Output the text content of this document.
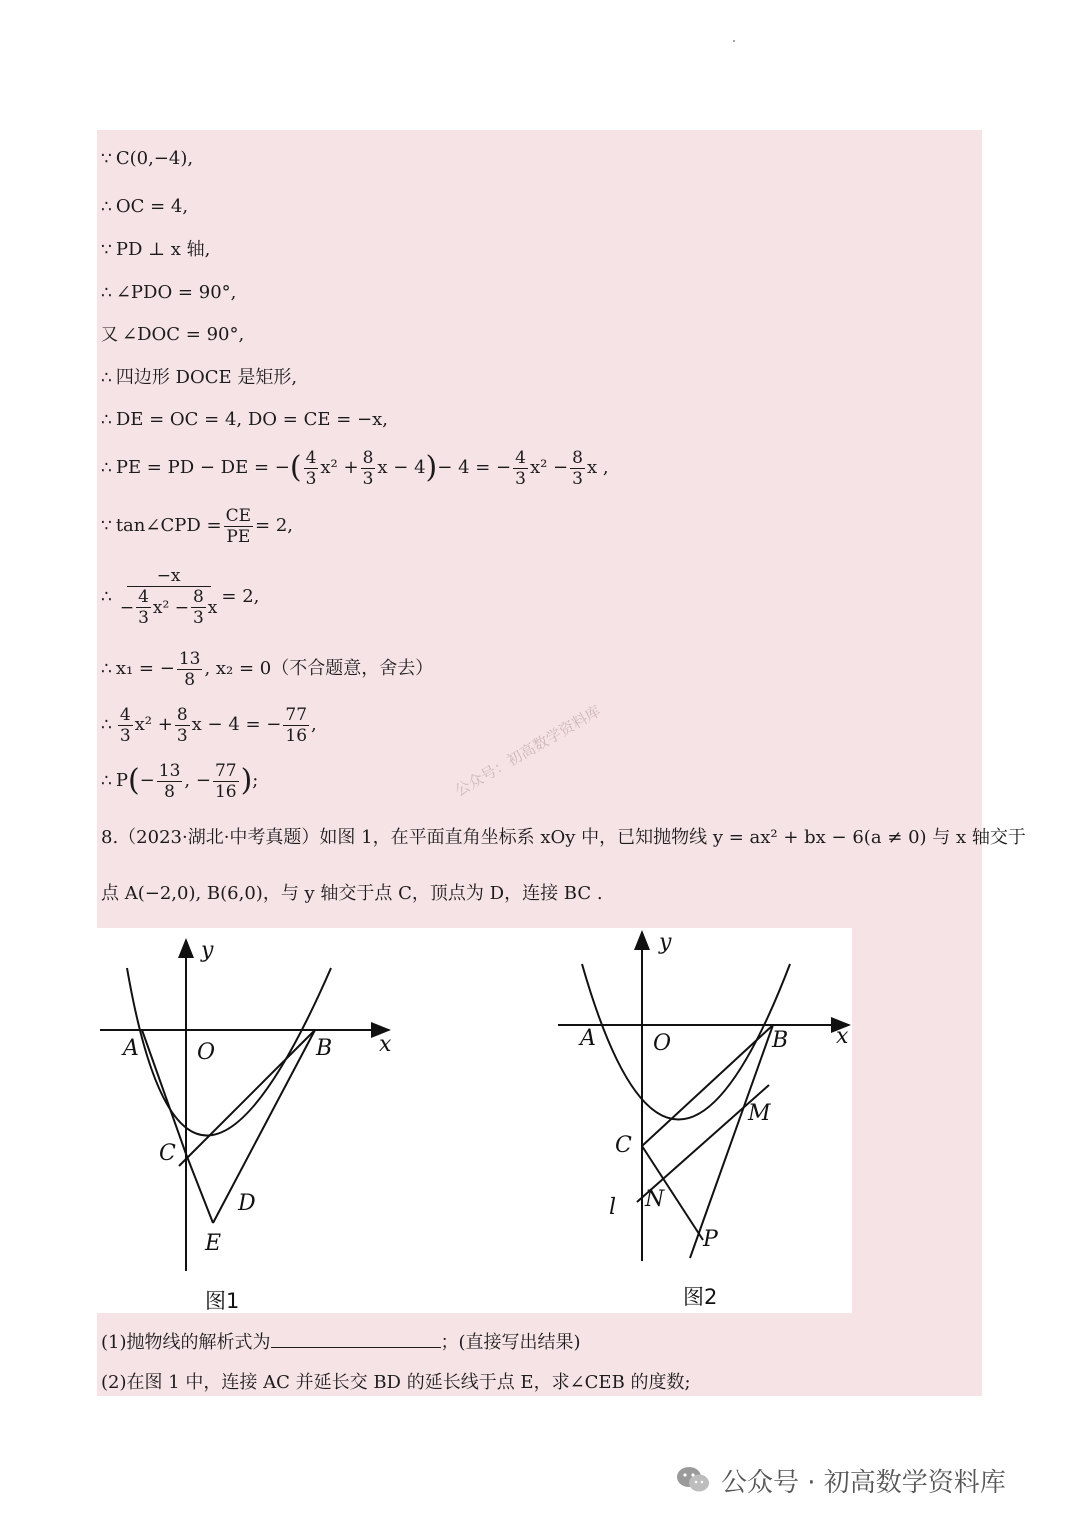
∵ C(0,−4),
∴ OC = 4,
∵ PD ⊥ x 轴,
∴ ∠PDO = 90°,
又 ∠DOC = 90°,
∴ 四边形 DOCE 是矩形,
∴ DE = OC = 4, DO = CE = −x,
∴ PE = PD − DE = − ( $\frac{4}{3} x^2 + \frac{8}{3}$ x − 4 ) − 4 = − $\frac{4}{3} x^2 - \frac{8}{3}$ x ,
∵ tan∠CPD = $\frac{CE}{PE} = 2$,
∴ $\frac{-x}{- \frac{4}{3} x^2 - \frac{8}{3} x} = 2$,
∴ x₁ = − $\frac{13}{8}$ , x₂ = 0（不合题意，舍去）
∴ $\frac{4}{3} x^2 + \frac{8}{3}$ x − 4 = − $\frac{77}{16}$ ,
∴ P ( − $\frac{13}{8}$ , − $\frac{77}{16}$ ) ;	公众号：初高数学资料库
8.（2023·湖北·中考真题）如图 1，在平面直角坐标系 xOy 中，已知抛物线 y = ax² + bx − 6(a ≠ 0) 与 x 轴交于
点 A(−2,0), B(6,0)，与 y 轴交于点 C，顶点为 D，连接 BC .
A	O	B x
y
C
D
E
图1
A	O	B x
y
C
M
N
P
l
图2
(1)抛物线的解析式为	；(直接写出结果)
(2)在图 1 中，连接 AC 并延长交 BD 的延长线于点 E，求∠CEB 的度数;
公众号 · 初高数学资料库
